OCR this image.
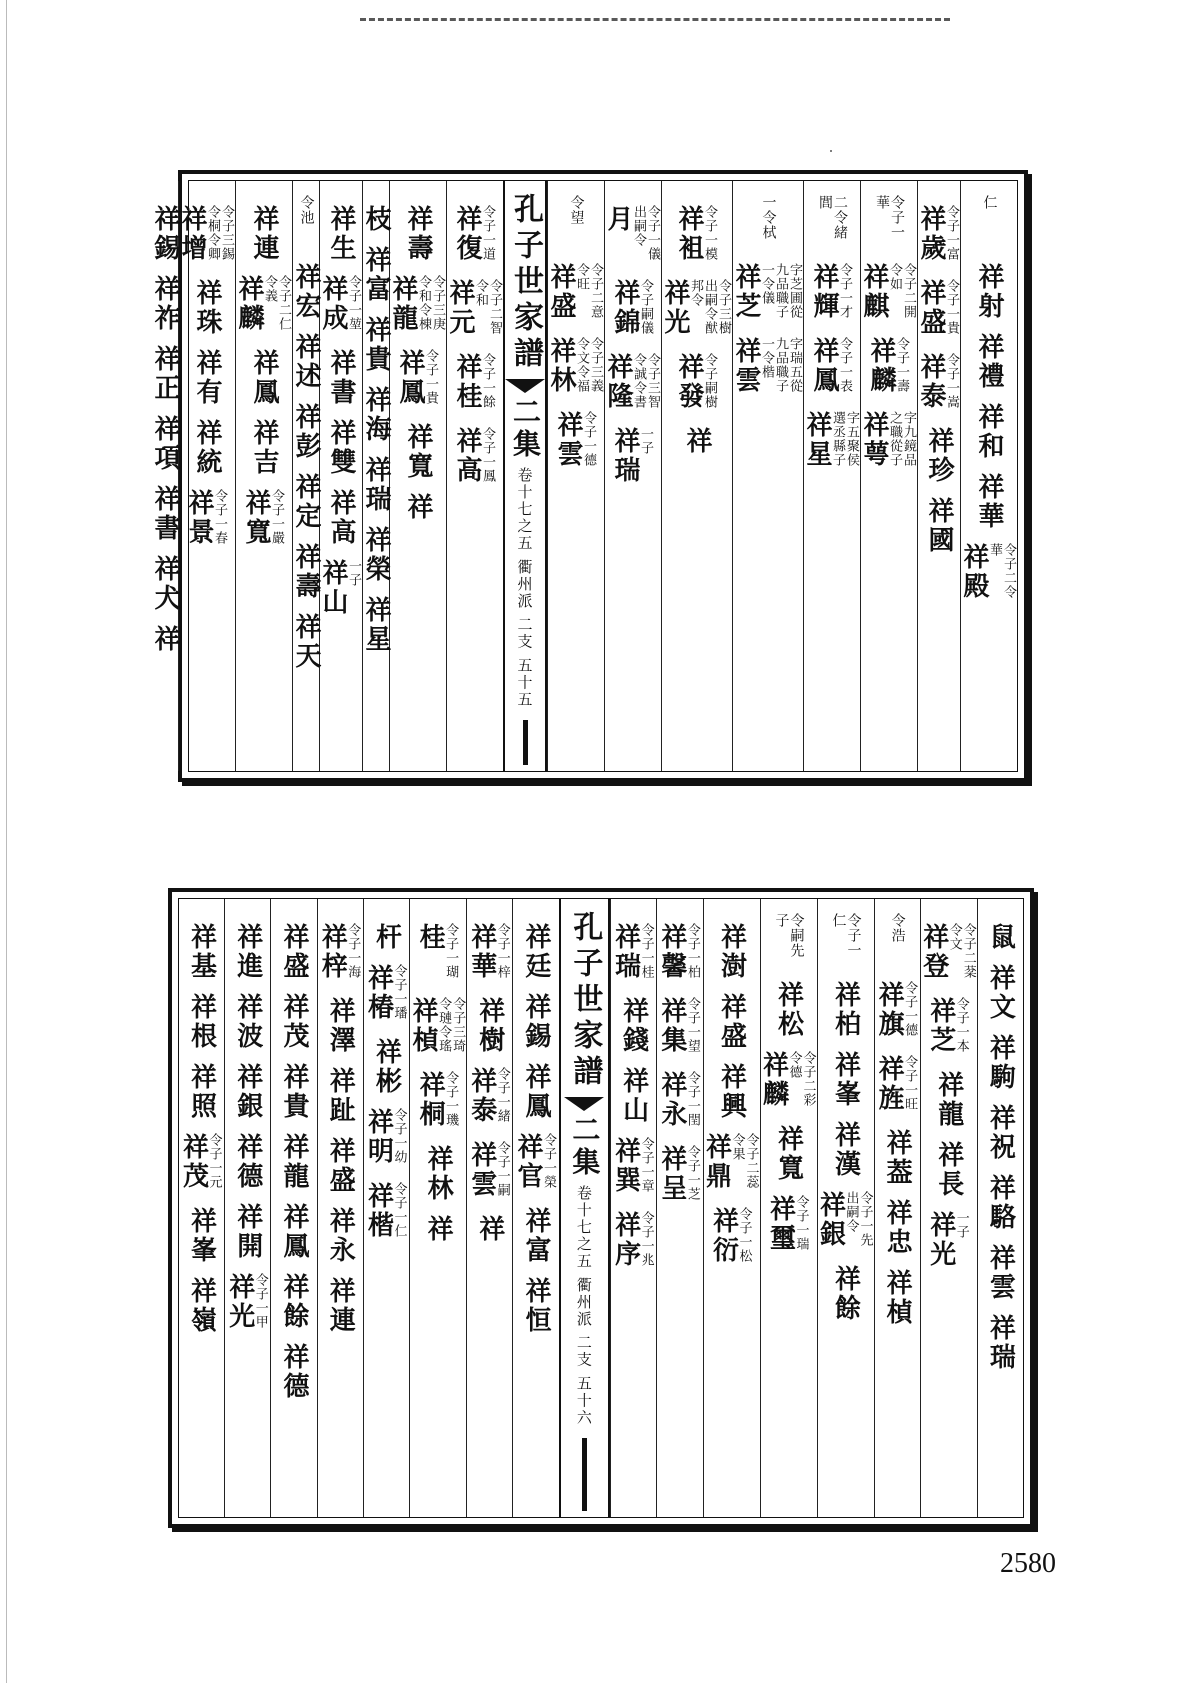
仁
祥射
祥禮
祥和
祥華
祥殿 令子二令華
祥歲
令子一富
祥盛
令子一貴
祥泰
令子一嵩
祥珍
祥國
令子一華
祥麒 令子二開令如
祥麟
令子一壽
祥萼 字九鏡品之職從子
二令緒閭
祥輝
令子一才
祥鳳
令子一表
祥星 字五聚侯選丞縣子
一令栻
祥芝	字芝圃從九品職子一令儀
祥雲	字瑞五從九品職子一令楷
祥袓
令子一模
祥光	令子三樹出嗣令猷邦令
祥發
令子嗣樹
祥
月 令子一儀出嗣令
祥錦
令子嗣儀
祥隆 令子三智令誠令書
祥瑞
一子
令望
祥盛 令子二意令旺
祥林 令子三義令文令福
祥雲
令子一德
孔子世家譜
二集
卷十七之五 衢州派 二支 五十五
祥復
令子一道
祥元 令子二智令和
祥桂
令子一餘
祥高
令子一鳳
祥壽
祥龍 令子三庚令和令棟
祥鳳
令子一貴
祥寬
祥
枝
祥富
祥貴
祥海
祥瑞
祥榮
祥星
祥生
祥成
令子一堃
祥書
祥雙
祥高
祥山
一子
令池
祥宏
祥述
祥彭
祥定
祥壽
祥天
祥連
祥麟 令子二仁令義
祥鳳
祥吉
祥寬
令子一嚴
祥增 令子三錫令桐令卿
祥珠
祥有
祥統
祥景
令子一春
祥錫
祥祚
祥正
祥項
祥書
祥犬
祥
鼠
祥文
祥駒
祥祝
祥駱
祥雲
祥瑞
祥登 令子二棻令文
祥芝
令子一本
祥龍
祥長
祥光
一子
令浩
祥旗
令子一德
祥旌
令子一旺
祥葢
祥忠
祥楨
令子一仁
祥柏
祥峯
祥漢
祥銀 令子一先出嗣令
祥餘
令嗣先子
祥松
祥麟 令子二彩令德
祥寬
祥璽
令子一瑞
祥澍
祥盛
祥興
祥鼎 令子二蕊令果
祥衍
令子一松
祥馨
令子一柏
祥集
令子一望
祥永
令子一閏
祥呈
令子一芝
祥瑞
令子一桂
祥錢
祥山
祥巽
令子一章
祥序
令子一兆
孔子世家譜
二集
卷十七之五 衢州派 二支 五十六
祥廷
祥錫
祥鳳
祥官
令子一榮
祥富
祥恒
祥華
令子一梓
祥樹
祥泰
令子一緒
祥雲
令子一嗣
祥
桂
令子一瑚
祥楨 令子三琦令璉令瑤
祥桐
令子一璣
祥林
祥
杆
祥椿
令子一璠
祥彬
祥明
令子一幼
祥楷
令子一仁
祥梓
令子一海
祥澤
祥趾
祥盛
祥永
祥連
祥盛
祥茂
祥貴
祥龍
祥鳳
祥餘
祥德
祥進
祥波
祥銀
祥德
祥開
祥光
令子一甲
祥基
祥根
祥照
祥茂
令子一元
祥峯
祥嶺
2580
